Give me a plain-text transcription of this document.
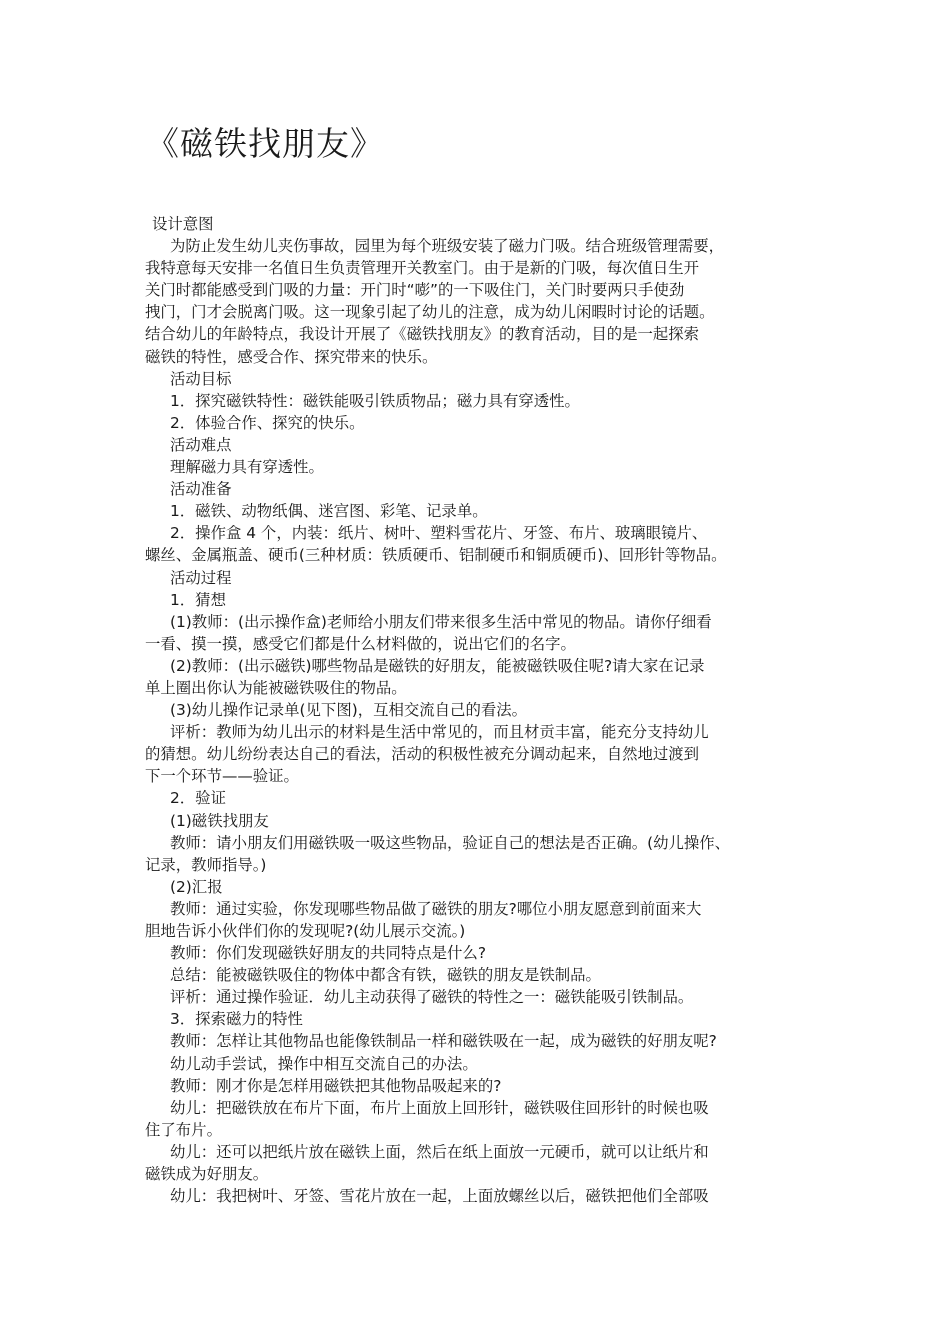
《磁铁找朋友》
设计意图
为防止发生幼儿夹伤事故，园里为每个班级安装了磁力门吸。结合班级管理需要，
我特意每天安排一名值日生负责管理开关教室门。由于是新的门吸，每次值日生开
关门时都能感受到门吸的力量：开门时“嘭”的一下吸住门，关门时要两只手使劲
拽门，门才会脱离门吸。这一现象引起了幼儿的注意，成为幼儿闲暇时讨论的话题。
结合幼儿的年龄特点，我设计开展了《磁铁找朋友》的教育活动，目的是一起探索
磁铁的特性，感受合作、探究带来的快乐。
活动目标
1．探究磁铁特性：磁铁能吸引铁质物品；磁力具有穿透性。
2．体验合作、探究的快乐。
活动难点
理解磁力具有穿透性。
活动准备
1．磁铁、动物纸偶、迷宫图、彩笔、记录单。
2．操作盒 4 个，内装：纸片、树叶、塑料雪花片、牙签、布片、玻璃眼镜片、
螺丝、金属瓶盖、硬币(三种材质：铁质硬币、铝制硬币和铜质硬币)、回形针等物品。
活动过程
1．猜想
(1)教师：(出示操作盒)老师给小朋友们带来很多生活中常见的物品。请你仔细看
一看、摸一摸，感受它们都是什么材料做的，说出它们的名字。
(2)教师：(出示磁铁)哪些物品是磁铁的好朋友，能被磁铁吸住呢?请大家在记录
单上圈出你认为能被磁铁吸住的物品。
(3)幼儿操作记录单(见下图)，互相交流自己的看法。
评析：教师为幼儿出示的材料是生活中常见的，而且材贡丰富，能充分支持幼儿
的猜想。幼儿纷纷表达自己的看法，活动的积极性被充分调动起来，自然地过渡到
下一个环节——验证。
2．验证
(1)磁铁找朋友
教师：请小朋友们用磁铁吸一吸这些物品，验证自己的想法是否正确。(幼儿操作、
记录，教师指导。)
(2)汇报
教师：通过实验，你发现哪些物品做了磁铁的朋友?哪位小朋友愿意到前面来大
胆地告诉小伙伴们你的发现呢?(幼儿展示交流。)
教师：你们发现磁铁好朋友的共同特点是什么?
总结：能被磁铁吸住的物体中都含有铁，磁铁的朋友是铁制品。
评析：通过操作验证．幼儿主动获得了磁铁的特性之一：磁铁能吸引铁制品。
3．探索磁力的特性
教师：怎样让其他物品也能像铁制品一样和磁铁吸在一起，成为磁铁的好朋友呢?
幼儿动手尝试，操作中相互交流自己的办法。
教师：刚才你是怎样用磁铁把其他物品吸起来的?
幼儿：把磁铁放在布片下面，布片上面放上回形针，磁铁吸住回形针的时候也吸
住了布片。
幼儿：还可以把纸片放在磁铁上面，然后在纸上面放一元硬币，就可以让纸片和
磁铁成为好朋友。
幼儿：我把树叶、牙签、雪花片放在一起，上面放螺丝以后，磁铁把他们全部吸
